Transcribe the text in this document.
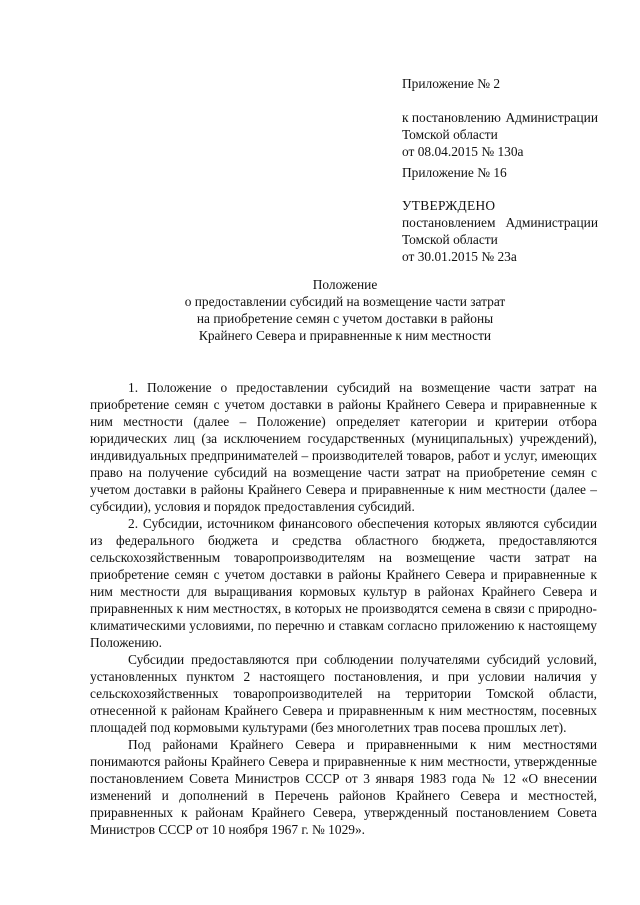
Приложение № 2

к постановлению Администрации

Томской области

от 08.04.2015 № 130а

Приложение № 16

УТВЕРЖДЕНО

постановлением Администрации

Томской области

от 30.01.2015 № 23а

Положение

о предоставлении субсидий на возмещение части затрат

на приобретение семян с учетом доставки в районы

Крайнего Севера и приравненные к ним местности

1. Положение о предоставлении субсидий на возмещение части затрат на приобретение семян с учетом доставки в районы Крайнего Севера и приравненные к ним местности (далее – Положение) определяет категории и критерии отбора юридических лиц (за исключением государственных (муниципальных) учреждений), индивидуальных предпринимателей – производителей товаров, работ и услуг, имеющих право на получение субсидий на возмещение части затрат на приобретение семян с учетом доставки в районы Крайнего Севера и приравненные к ним местности (далее – субсидии), условия и порядок предоставления субсидий.

2. Субсидии, источником финансового обеспечения которых являются субсидии из федерального бюджета и средства областного бюджета, предоставляются сельскохозяйственным товаропроизводителям на возмещение части затрат на приобретение семян с учетом доставки в районы Крайнего Севера и приравненные к ним местности для выращивания кормовых культур в районах Крайнего Севера и приравненных к ним местностях, в которых не производятся семена в связи с природно-климатическими условиями, по перечню и ставкам согласно приложению к настоящему Положению.

Субсидии предоставляются при соблюдении получателями субсидий условий, установленных пунктом 2 настоящего постановления, и при условии наличия у сельскохозяйственных товаропроизводителей на территории Томской области, отнесенной к районам Крайнего Севера и приравненным к ним местностям, посевных площадей под кормовыми культурами (без многолетних трав посева прошлых лет).

Под районами Крайнего Севера и приравненными к ним местностями понимаются районы Крайнего Севера и приравненные к ним местности, утвержденные постановлением Совета Министров СССР от 3 января 1983 года № 12 «О внесении изменений и дополнений в Перечень районов Крайнего Севера и местностей, приравненных к районам Крайнего Севера, утвержденный постановлением Совета Министров СССР от 10 ноября 1967 г. № 1029».
